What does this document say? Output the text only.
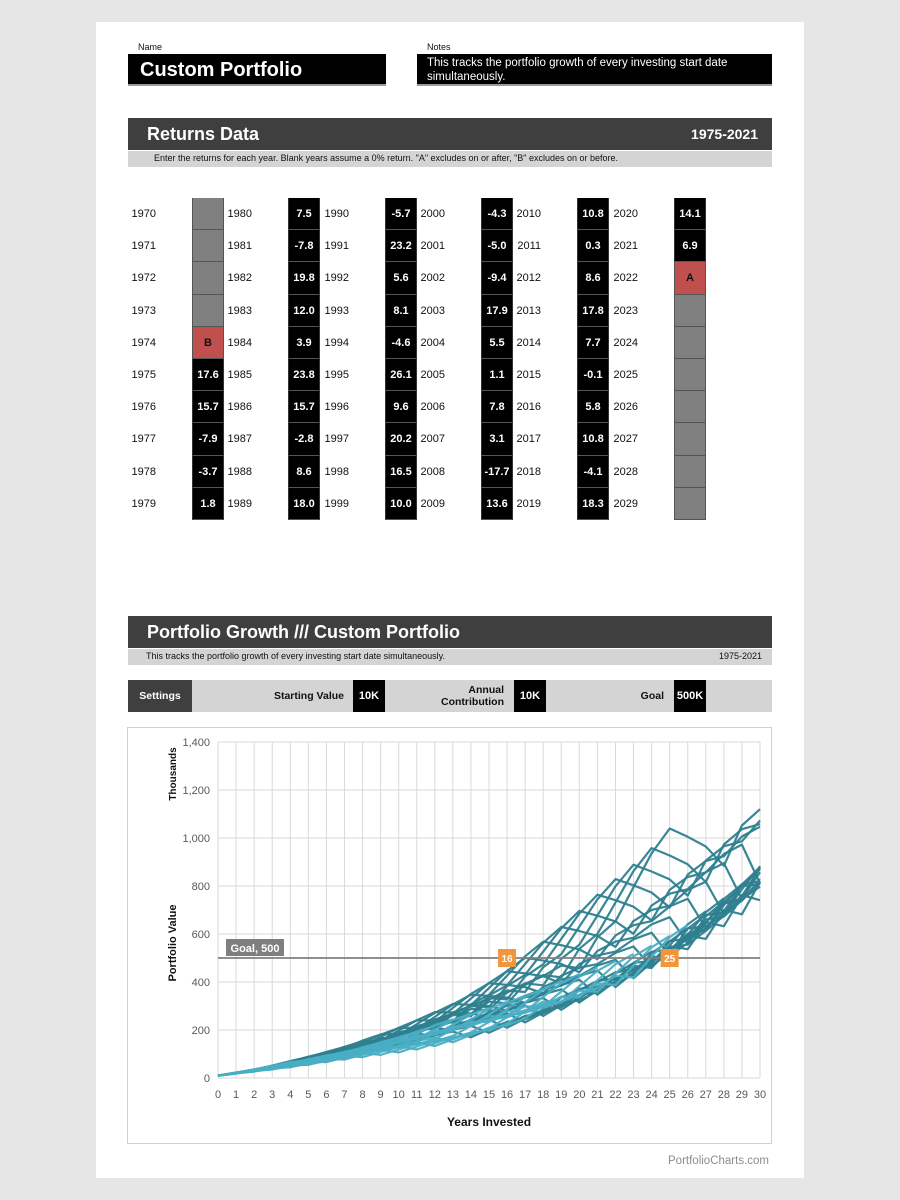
Name
Custom Portfolio
Notes
This tracks the portfolio growth of every investing start date simultaneously.
Returns Data	1975-2021
Enter the returns for each year. Blank years assume a 0% return. "A" excludes on or after, "B" excludes on or before.
1970
1971
1972
1973
1974	B
1975	17.6
1976	15.7
1977	-7.9
1978	-3.7
1979	1.8
1980	7.5
1981	-7.8
1982	19.8
1983	12.0
1984	3.9
1985	23.8
1986	15.7
1987	-2.8
1988	8.6
1989	18.0
1990	-5.7
1991	23.2
1992	5.6
1993	8.1
1994	-4.6
1995	26.1
1996	9.6
1997	20.2
1998	16.5
1999	10.0
2000	-4.3
2001	-5.0
2002	-9.4
2003	17.9
2004	5.5
2005	1.1
2006	7.8
2007	3.1
2008	-17.7
2009	13.6
2010	10.8
2011	0.3
2012	8.6
2013	17.8
2014	7.7
2015	-0.1
2016	5.8
2017	10.8
2018	-4.1
2019	18.3
2020	14.1
2021	6.9
2022	A
2023
2024
2025
2026
2027
2028
2029
Portfolio Growth /// Custom Portfolio
This tracks the portfolio growth of every investing start date simultaneously.	1975-2021
Settings	Starting Value	10K	Annual
Contribution	10K	Goal 500K
0
200
400
600
800
1,000
1,200
1,400
0 1 2 3 4 5 6 7 8 9 10 11 12 13 14 15 16 17 18 19 20 21 22 23 24 25 26 27 28 29 30
Portfolio Value
Thousands
Years Invested
Goal, 500
16	25
PortfolioCharts.com
